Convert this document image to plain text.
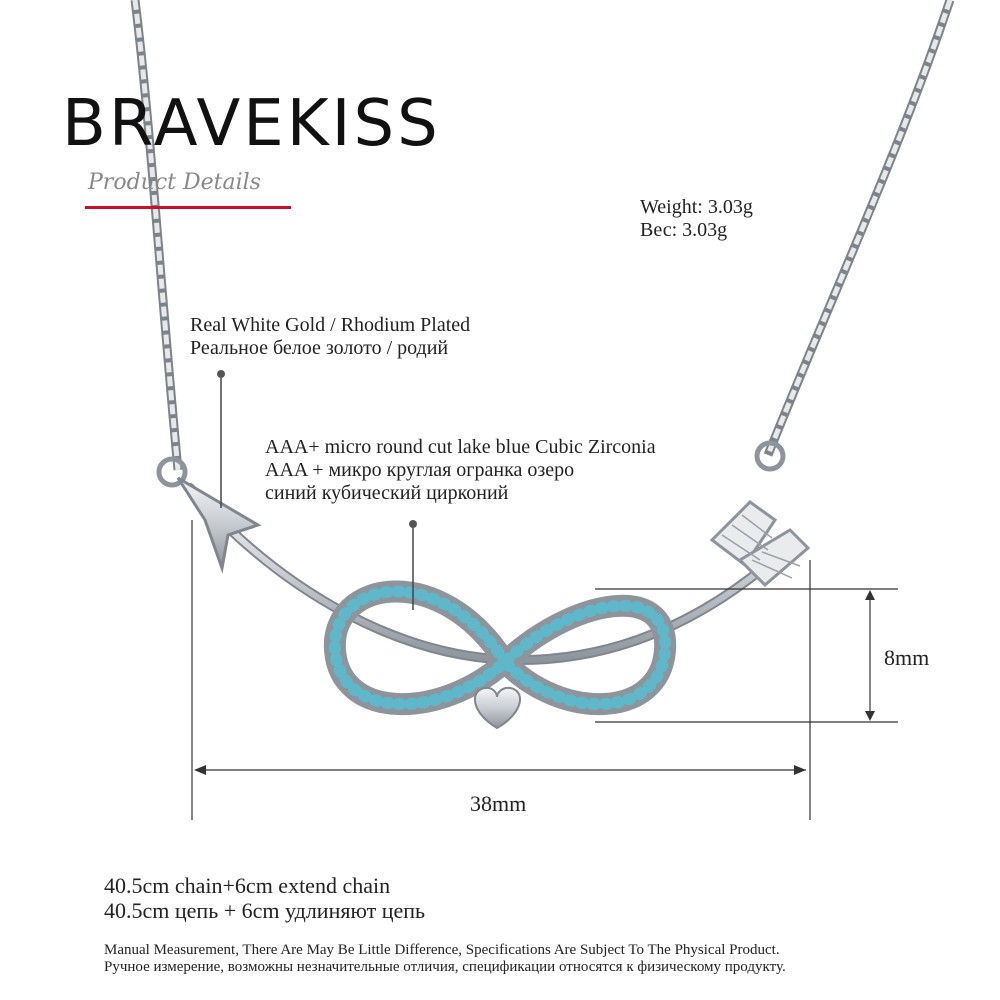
BRAVEKISS
Product Details
Weight: 3.03g
Вес: 3.03g
Real White Gold / Rhodium Plated
Реальное белое золото / родий
AAA+ micro round cut lake blue Cubic Zirconia
AAA + микро круглая огранка озеро
синий кубический цирконий
8mm
38mm
40.5cm chain+6cm extend chain
40.5cm цепь + 6cm удлиняют цепь
Manual Measurement, There Are May Be Little Difference, Specifications Are Subject To The Physical Product.
Ручное измерение, возможны незначительные отличия, спецификации относятся к физическому продукту.
